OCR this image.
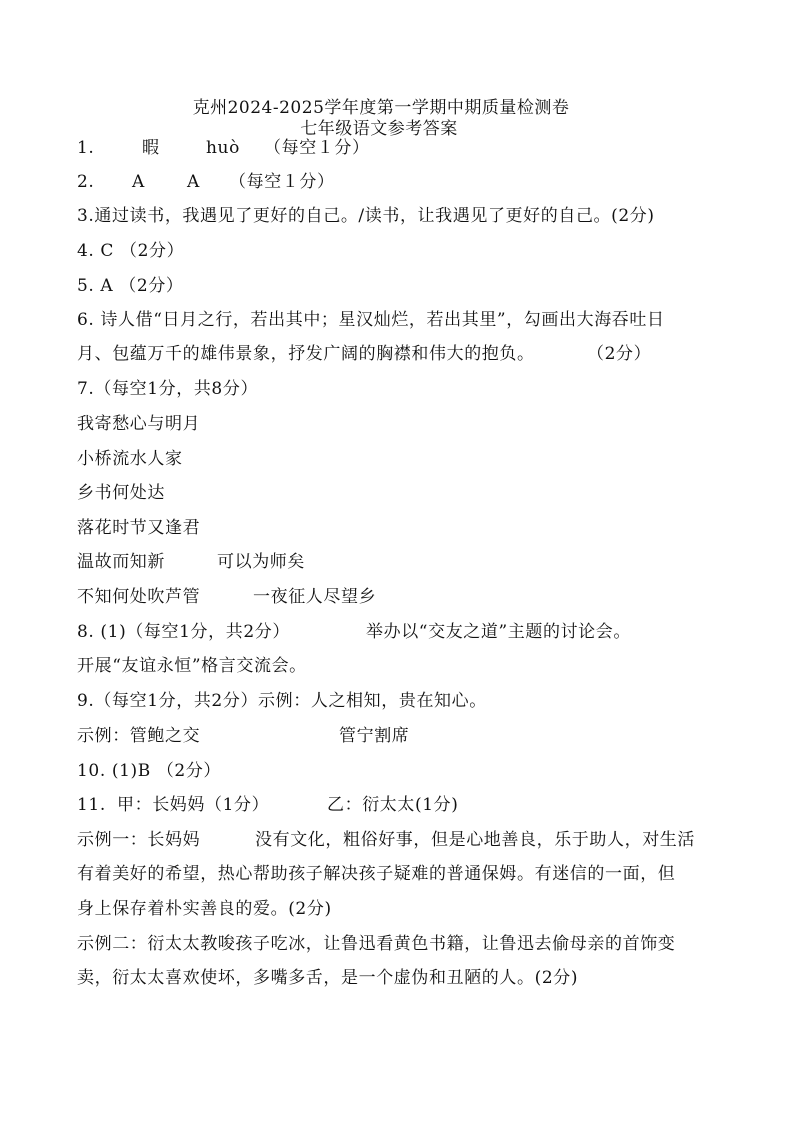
克州2024-2025学年度第一学期中期质量检测卷
七年级语文参考答案
1.	暇	huò （每空１分）
2. A A （每空１分）
3.通过读书，我遇见了更好的自己。/读书，让我遇见了更好的自己。(2分)
4. C （2分）
5. A （2分）
6. 诗人借“日月之行，若出其中；星汉灿烂，若出其里”，勾画出大海吞吐日
月、包蕴万千的雄伟景象，抒发广阔的胸襟和伟大的抱负。	（2分）
7.（每空1分，共8分）
我寄愁心与明月
小桥流水人家
乡书何处达
落花时节又逢君
温故而知新	可以为师矣
不知何处吹芦管	一夜征人尽望乡
8. (1)（每空1分，共2分）	举办以“交友之道”主题的讨论会。
开展“友谊永恒”格言交流会。
9.（每空1分，共2分）示例：人之相知，贵在知心。
示例：管鲍之交	管宁割席
10. (1)B （2分）
11. 甲：长妈妈（1分）	乙：衍太太(1分)
示例一：长妈妈	没有文化，粗俗好事，但是心地善良，乐于助人，对生活
有着美好的希望，热心帮助孩子解决孩子疑难的普通保姆。有迷信的一面，但
身上保存着朴实善良的爱。(2分)
示例二：衍太太教唆孩子吃冰，让鲁迅看黄色书籍，让鲁迅去偷母亲的首饰变
卖，衍太太喜欢使坏，多嘴多舌，是一个虚伪和丑陋的人。(2分)
